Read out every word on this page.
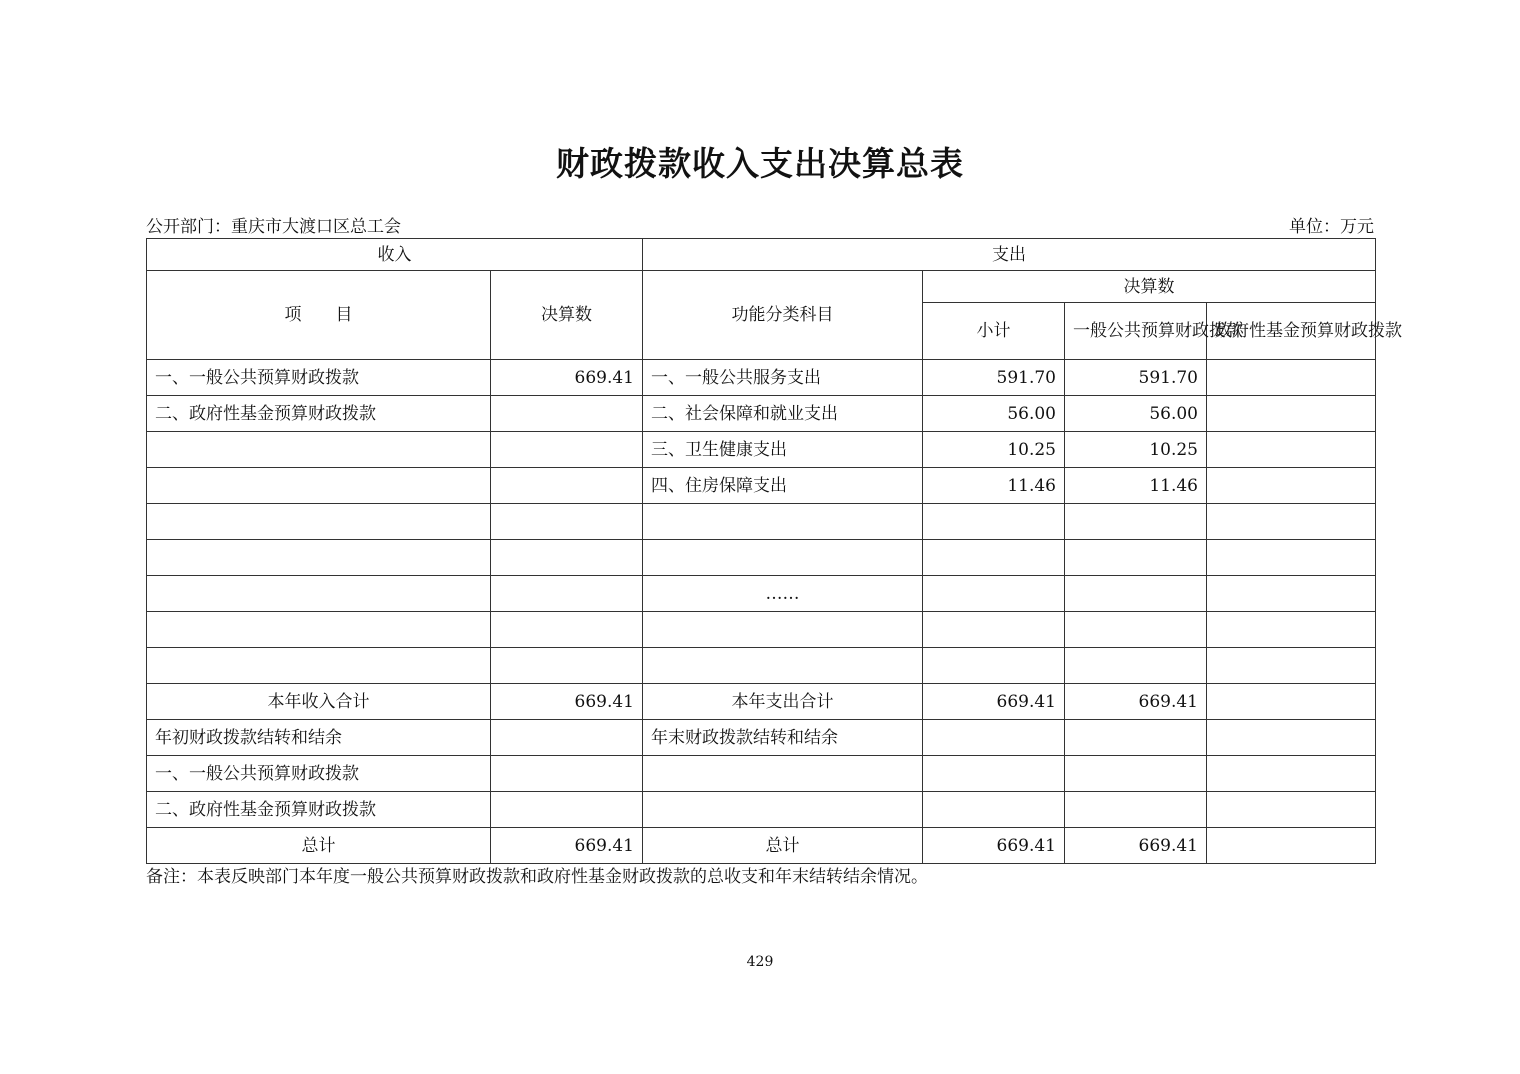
财政拨款收入支出决算总表
公开部门：重庆市大渡口区总工会	单位：万元
收入		支出			
项　　目	决算数	功能分类科目	决算数		
			小计	一般公共预算财政拨款	政府性基金预算财政拨款
一、一般公共预算财政拨款	669.41	一、一般公共服务支出	591.70	591.70	
二、政府性基金预算财政拨款		二、社会保障和就业支出	56.00	56.00	
		三、卫生健康支出	10.25	10.25	
		四、住房保障支出	11.46	11.46	

		……			

本年收入合计	669.41	本年支出合计	669.41	669.41	
年初财政拨款结转和结余		年末财政拨款结转和结余			
一、一般公共预算财政拨款					
二、政府性基金预算财政拨款					
总计	669.41	总计	669.41	669.41	
备注：本表反映部门本年度一般公共预算财政拨款和政府性基金财政拨款的总收支和年末结转结余情况。
429
